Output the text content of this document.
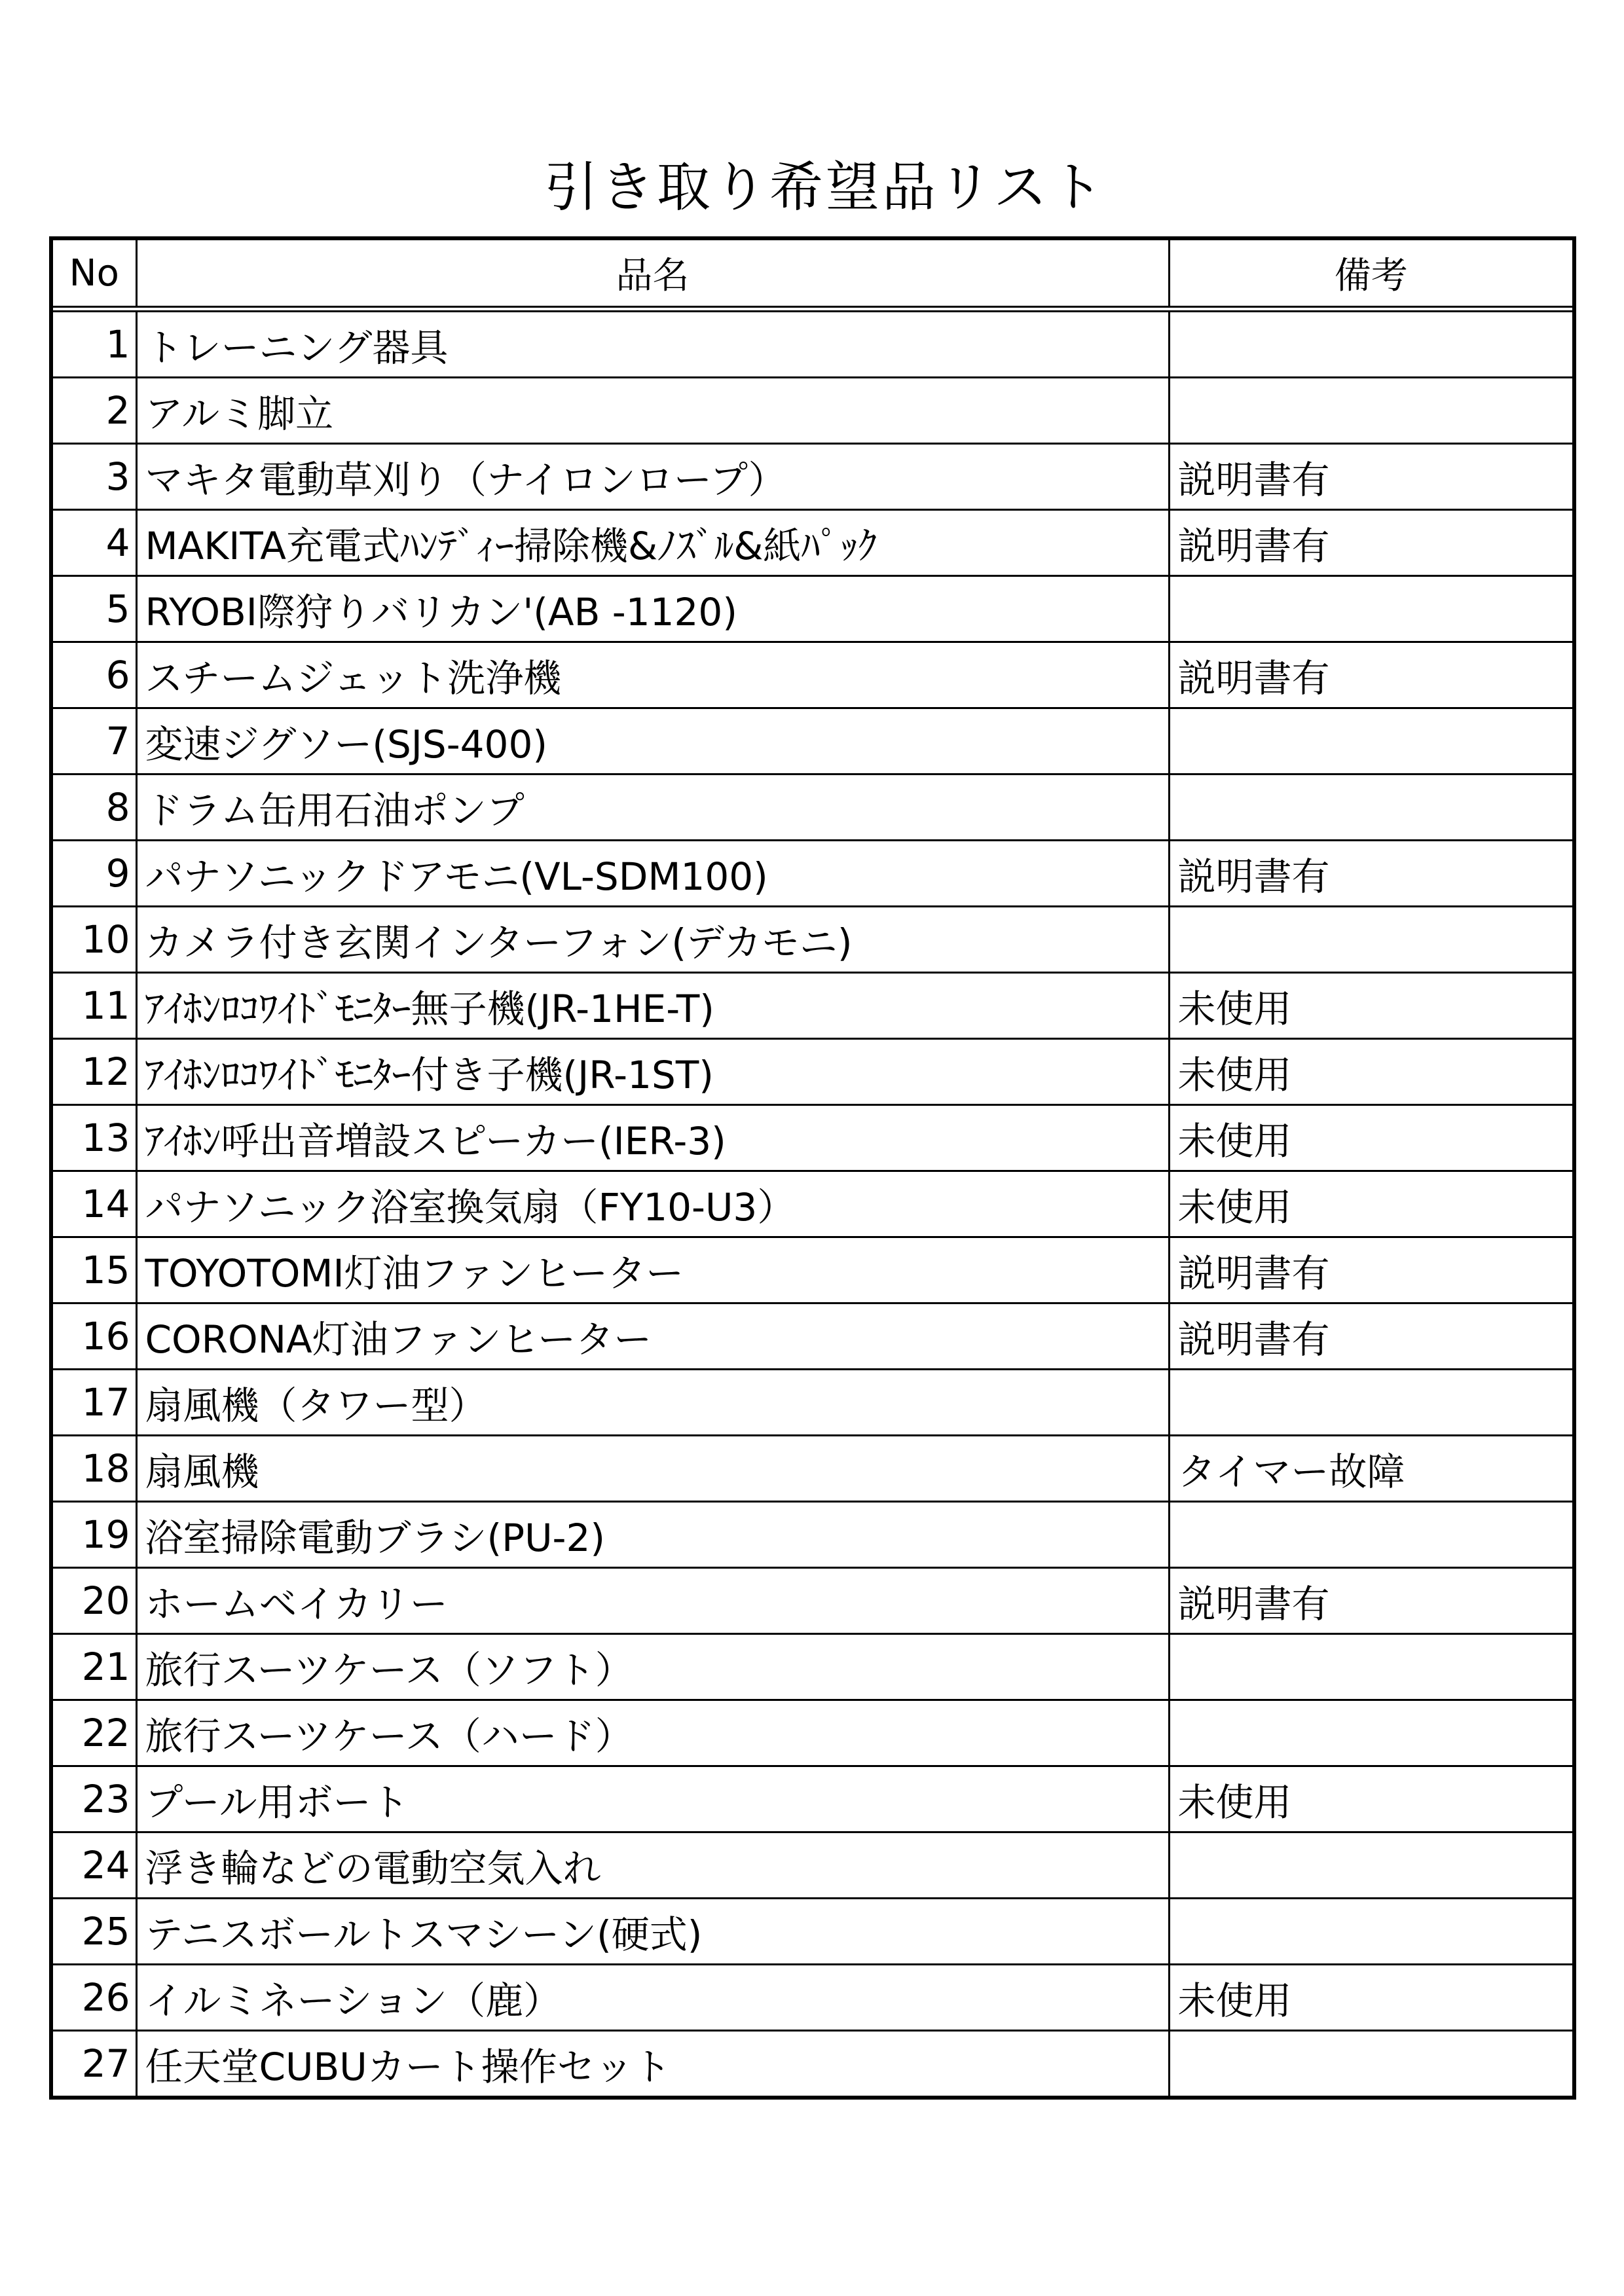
引き取り希望品リスト
No	品名	備考
1	トレーニング器具	
2	アルミ脚立	
3	マキタ電動草刈り（ナイロンロープ）	説明書有
4	MAKITA充電式ﾊﾝﾃﾞｨｰ掃除機&ﾉｽﾞﾙ&紙ﾊﾟｯｸ	説明書有
5	RYOBI際狩りバリカン'(AB -1120)	
6	スチームジェット洗浄機	説明書有
7	変速ジグソー(SJS-400)	
8	ドラム缶用石油ポンプ	
9	パナソニックドアモニ(VL-SDM100)	説明書有
10	カメラ付き玄関インターフォン(デカモニ)	
11	ｱｲﾎﾝﾛｺﾜｲﾄﾞﾓﾆﾀｰ無子機(JR-1HE-T)	未使用
12	ｱｲﾎﾝﾛｺﾜｲﾄﾞﾓﾆﾀｰ付き子機(JR-1ST)	未使用
13	ｱｲﾎﾝ呼出音増設スピーカー(IER-3)	未使用
14	パナソニック浴室換気扇（FY10-U3）	未使用
15	TOYOTOMI灯油ファンヒーター	説明書有
16	CORONA灯油ファンヒーター	説明書有
17	扇風機（タワー型）	
18	扇風機	タイマー故障
19	浴室掃除電動ブラシ(PU-2)	
20	ホームベイカリー	説明書有
21	旅行スーツケース（ソフト）	
22	旅行スーツケース（ハード）	
23	プール用ボート	未使用
24	浮き輪などの電動空気入れ	
25	テニスボールトスマシーン(硬式)	
26	イルミネーション（鹿）	未使用
27	任天堂CUBUカート操作セット	
